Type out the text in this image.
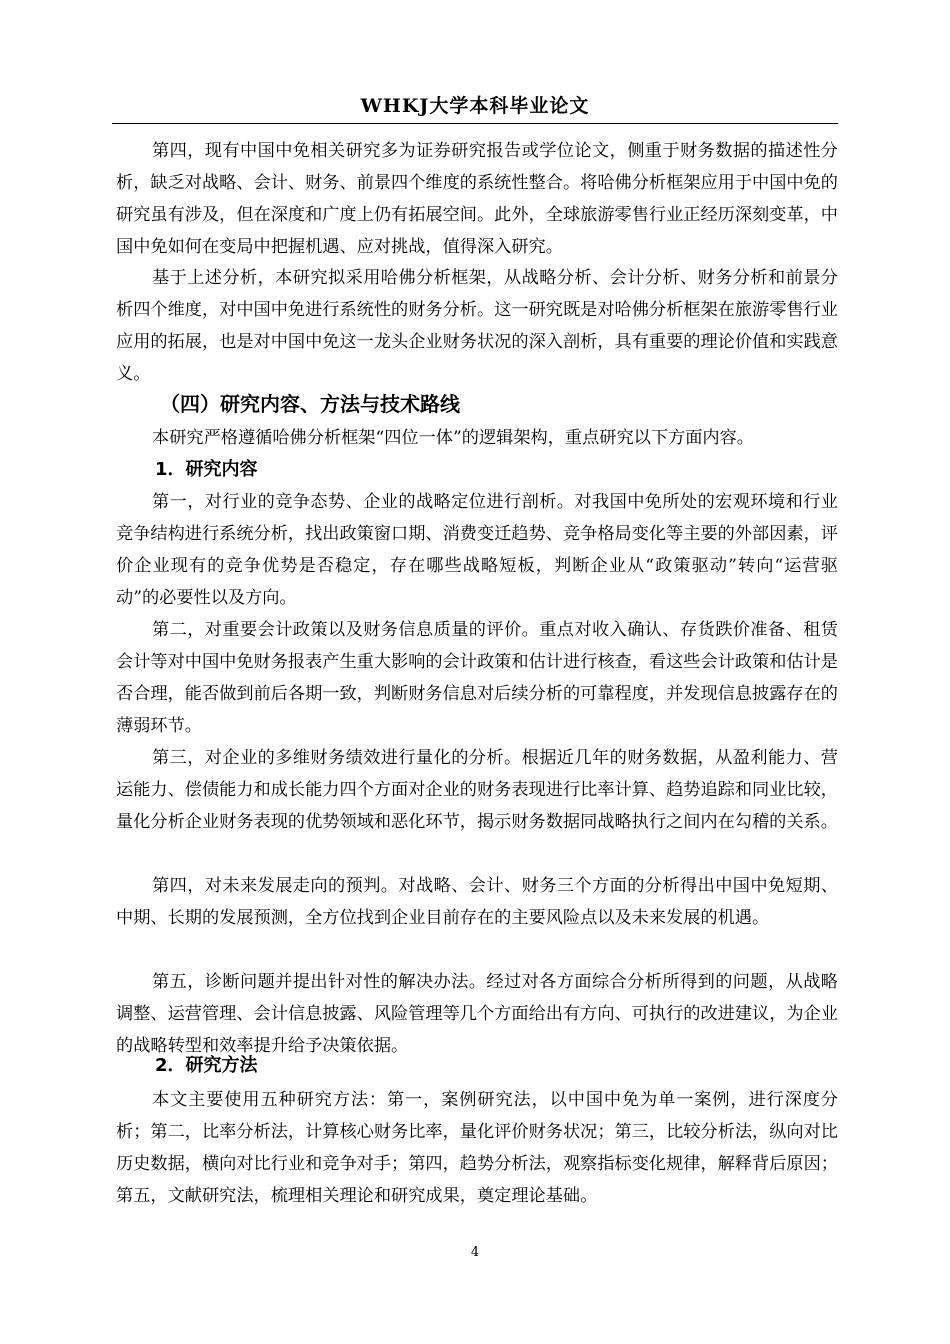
WHKJ大学本科毕业论文

第四，现有中国中免相关研究多为证券研究报告或学位论文，侧重于财务数据的描述性分析，缺乏对战略、会计、财务、前景四个维度的系统性整合。将哈佛分析框架应用于中国中免的研究虽有涉及，但在深度和广度上仍有拓展空间。此外，全球旅游零售行业正经历深刻变革，中国中免如何在变局中把握机遇、应对挑战，值得深入研究。

基于上述分析，本研究拟采用哈佛分析框架，从战略分析、会计分析、财务分析和前景分析四个维度，对中国中免进行系统性的财务分析。这一研究既是对哈佛分析框架在旅游零售行业应用的拓展，也是对中国中免这一龙头企业财务状况的深入剖析，具有重要的理论价值和实践意义。

（四）研究内容、方法与技术路线

本研究严格遵循哈佛分析框架“四位一体”的逻辑架构，重点研究以下方面内容。

1．研究内容

第一，对行业的竞争态势、企业的战略定位进行剖析。对我国中免所处的宏观环境和行业竞争结构进行系统分析，找出政策窗口期、消费变迁趋势、竞争格局变化等主要的外部因素，评价企业现有的竞争优势是否稳定，存在哪些战略短板，判断企业从“政策驱动”转向“运营驱动”的必要性以及方向。

第二，对重要会计政策以及财务信息质量的评价。重点对收入确认、存货跌价准备、租赁会计等对中国中免财务报表产生重大影响的会计政策和估计进行核查，看这些会计政策和估计是否合理，能否做到前后各期一致，判断财务信息对后续分析的可靠程度，并发现信息披露存在的薄弱环节。

第三，对企业的多维财务绩效进行量化的分析。根据近几年的财务数据，从盈利能力、营运能力、偿债能力和成长能力四个方面对企业的财务表现进行比率计算、趋势追踪和同业比较，量化分析企业财务表现的优势领域和恶化环节，揭示财务数据同战略执行之间内在勾稽的关系。

第四，对未来发展走向的预判。对战略、会计、财务三个方面的分析得出中国中免短期、中期、长期的发展预测，全方位找到企业目前存在的主要风险点以及未来发展的机遇。

第五，诊断问题并提出针对性的解决办法。经过对各方面综合分析所得到的问题，从战略调整、运营管理、会计信息披露、风险管理等几个方面给出有方向、可执行的改进建议，为企业的战略转型和效率提升给予决策依据。

2．研究方法

本文主要使用五种研究方法：第一，案例研究法，以中国中免为单一案例，进行深度分析；第二，比率分析法，计算核心财务比率，量化评价财务状况；第三，比较分析法，纵向对比历史数据，横向对比行业和竞争对手；第四，趋势分析法，观察指标变化规律，解释背后原因；第五，文献研究法，梳理相关理论和研究成果，奠定理论基础。

4
